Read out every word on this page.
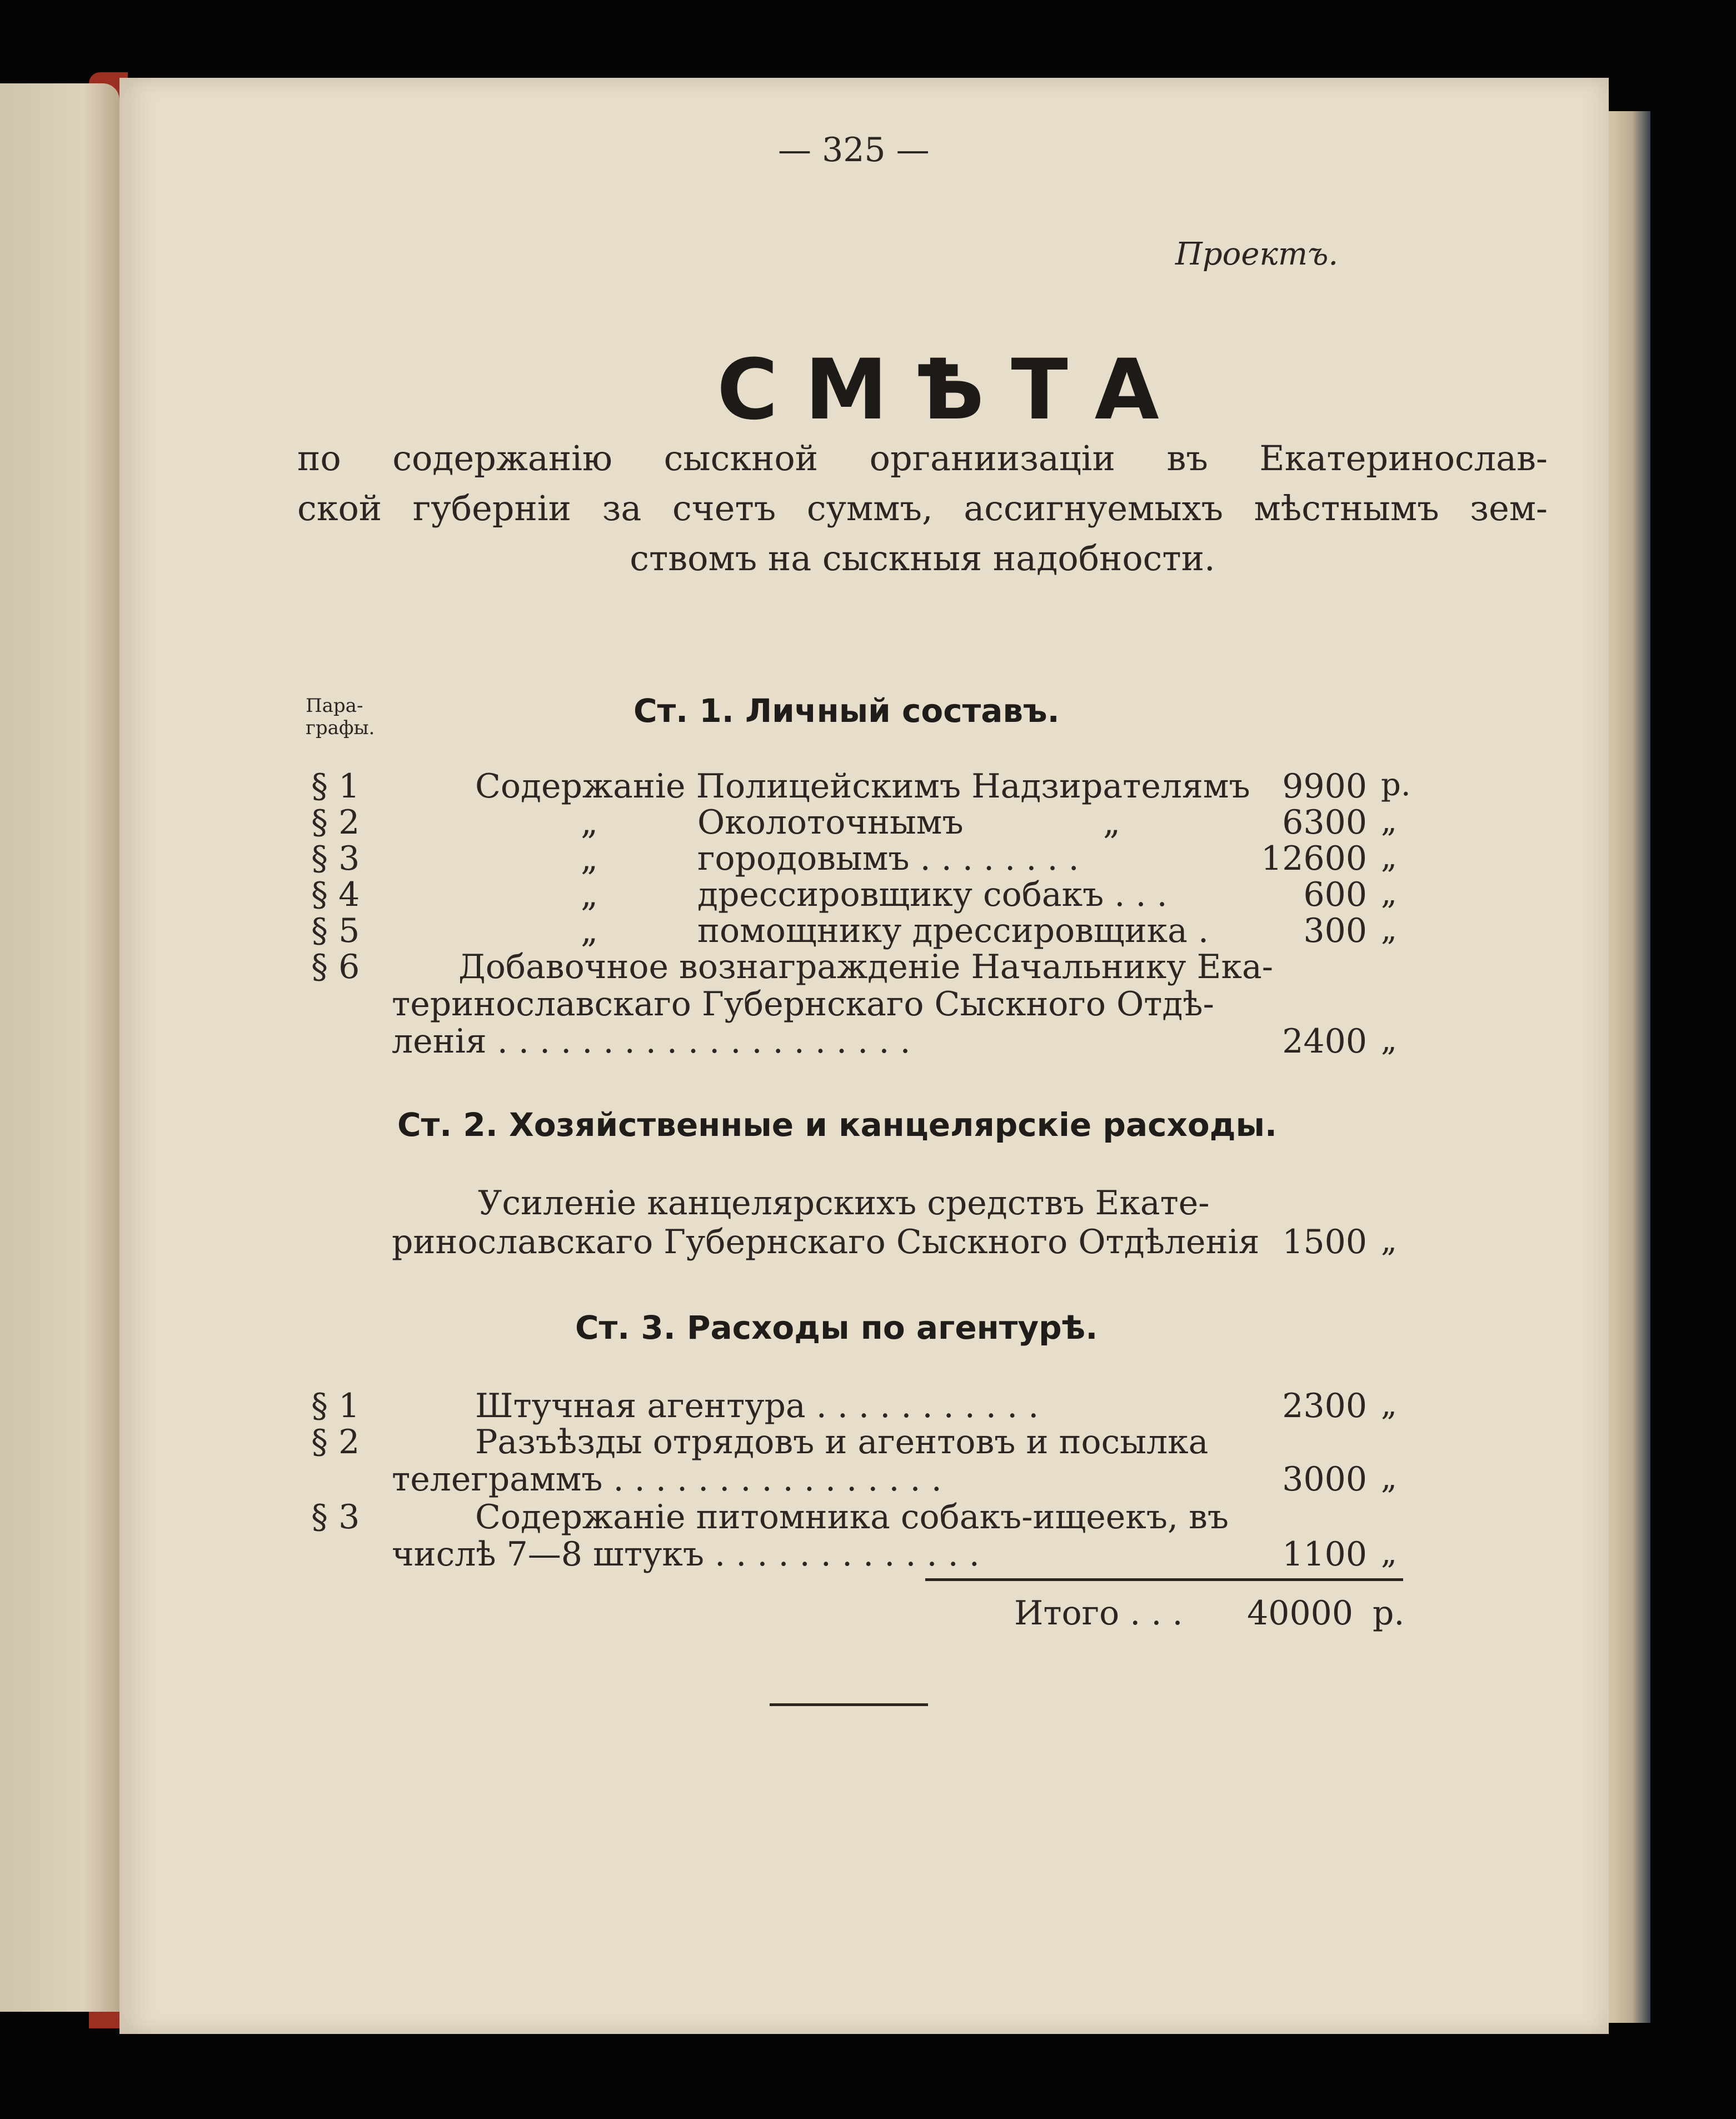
— 325 —
Проектъ.
СМѢТА
по содержанію сыскной органиизаціи въ Екатеринослав-
ской губерніи за счетъ суммъ, ассигнуемыхъ мѣстнымъ зем-
ствомъ на сыскныя надобности.
Пара-
графы.	Ст. 1. Личный составъ.
§ 1	Содержаніе Полицейскимъ Надзирателямъ 9900 р.
§ 2	„	Околоточнымъ	„	6300 „
§ 3	„	городовымъ . . . . . . . .	12600 „
§ 4	„	дрессировщику собакъ . . .	600 „
§ 5	„	помощнику дрессировщика .	300 „
§ 6	Добавочное вознагражденіе Начальнику Ека-
теринославскаго Губернскаго Сыскного Отдѣ-
ленія . . . . . . . . . . . . . . . . . . . .	2400 „
Ст. 2. Хозяйственные и канцелярскіе расходы.
Усиленіе канцелярскихъ средствъ Екате-
ринославскаго Губернскаго Сыскного Отдѣленія 1500 „
Ст. 3. Расходы по агентурѣ.
§ 1	Штучная агентура . . . . . . . . . . .	2300 „
§ 2	Разъѣзды отрядовъ и агентовъ и посылка
телеграммъ . . . . . . . . . . . . . . . .	3000 „
§ 3	Содержаніе питомника собакъ-ищеекъ, въ
числѣ 7—8 штукъ . . . . . . . . . . . . .	1100 „
Итого . . .	40000 р.
